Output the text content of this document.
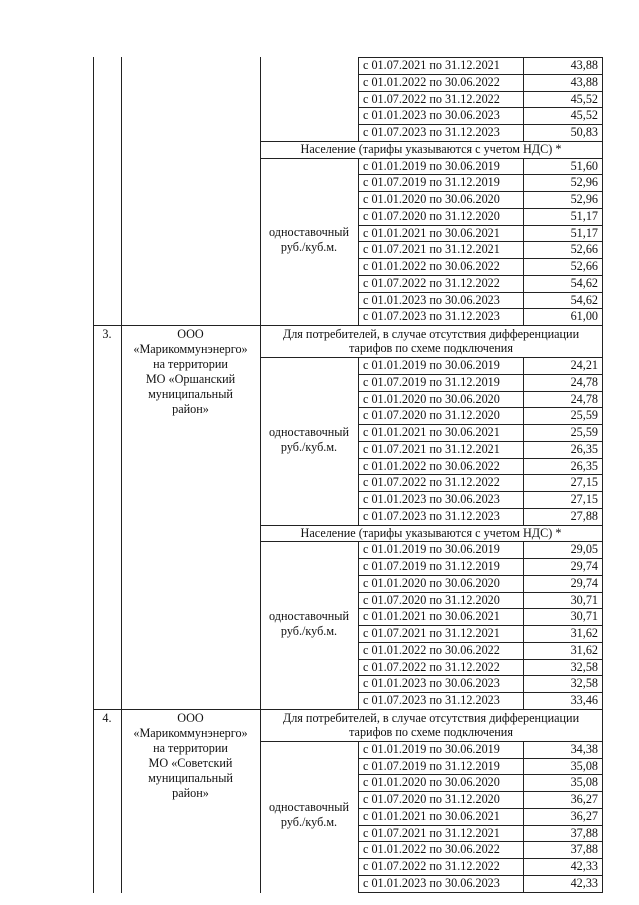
с 01.07.2021 по 31.12.2021	43,88
с 01.01.2022 по 30.06.2022	43,88
с 01.07.2022 по 31.12.2022	45,52
с 01.01.2023 по 30.06.2023	45,52
с 01.07.2023 по 31.12.2023	50,83
Население (тарифы указываются с учетом НДС) *
с 01.01.2019 по 30.06.2019	51,60
с 01.07.2019 по 31.12.2019	52,96
с 01.01.2020 по 30.06.2020	52,96
с 01.07.2020 по 31.12.2020	51,17
с 01.01.2021 по 30.06.2021	51,17
с 01.07.2021 по 31.12.2021	52,66
с 01.01.2022 по 30.06.2022	52,66
с 01.07.2022 по 31.12.2022	54,62
с 01.01.2023 по 30.06.2023	54,62
с 01.07.2023 по 31.12.2023	61,00
одноставочный
руб./куб.м.
3.	ООО
«Марикоммунэнерго»
на территории
МО «Оршанский
муниципальный
район»
Для потребителей, в случае отсутствия дифференциации
тарифов по схеме подключения
с 01.01.2019 по 30.06.2019	24,21
с 01.07.2019 по 31.12.2019	24,78
с 01.01.2020 по 30.06.2020	24,78
с 01.07.2020 по 31.12.2020	25,59
с 01.01.2021 по 30.06.2021	25,59
с 01.07.2021 по 31.12.2021	26,35
с 01.01.2022 по 30.06.2022	26,35
с 01.07.2022 по 31.12.2022	27,15
с 01.01.2023 по 30.06.2023	27,15
с 01.07.2023 по 31.12.2023	27,88
одноставочный
руб./куб.м.
Население (тарифы указываются с учетом НДС) *
с 01.01.2019 по 30.06.2019	29,05
с 01.07.2019 по 31.12.2019	29,74
с 01.01.2020 по 30.06.2020	29,74
с 01.07.2020 по 31.12.2020	30,71
с 01.01.2021 по 30.06.2021	30,71
с 01.07.2021 по 31.12.2021	31,62
с 01.01.2022 по 30.06.2022	31,62
с 01.07.2022 по 31.12.2022	32,58
с 01.01.2023 по 30.06.2023	32,58
с 01.07.2023 по 31.12.2023	33,46
одноставочный
руб./куб.м.
4.	ООО
«Марикоммунэнерго»
на территории
МО «Советский
муниципальный
район»
Для потребителей, в случае отсутствия дифференциации
тарифов по схеме подключения
с 01.01.2019 по 30.06.2019	34,38
с 01.07.2019 по 31.12.2019	35,08
с 01.01.2020 по 30.06.2020	35,08
с 01.07.2020 по 31.12.2020	36,27
с 01.01.2021 по 30.06.2021	36,27
с 01.07.2021 по 31.12.2021	37,88
с 01.01.2022 по 30.06.2022	37,88
с 01.07.2022 по 31.12.2022	42,33
с 01.01.2023 по 30.06.2023	42,33
одноставочный
руб./куб.м.
